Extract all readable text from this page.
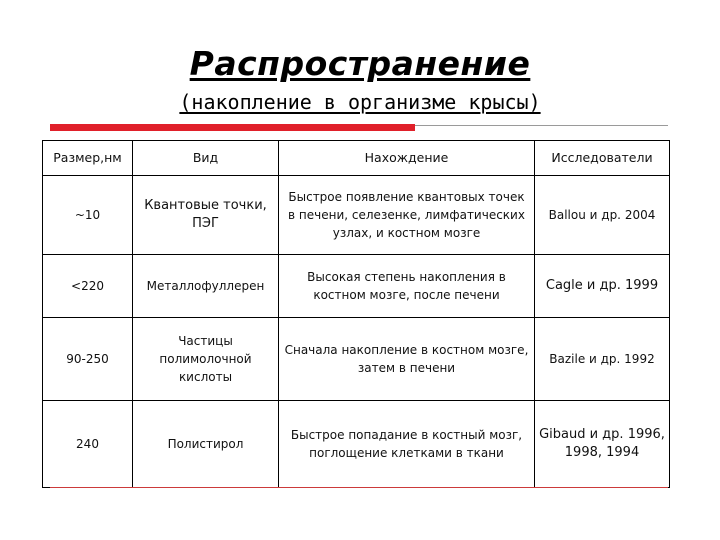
Распространение
(накопление в организме крысы)
Размер,нм	Вид	Нахождение	Исследователи
~10	Квантовые точки, ПЭГ	Быстрое появление квантовых точек в печени, селезенке, лимфатических узлах, и костном мозге	Ballou и др. 2004
<220	Металлофуллерен	Высокая степень накопления в костном мозге, после печени	Cagle и др. 1999
90-250	Частицы полимолочной кислоты	Сначала накопление в костном мозге, затем в печени	Bazile и др. 1992
240	Полистирол	Быстрое попадание в костный мозг, поглощение клетками в ткани	Gibaud и др. 1996, 1998, 1994
